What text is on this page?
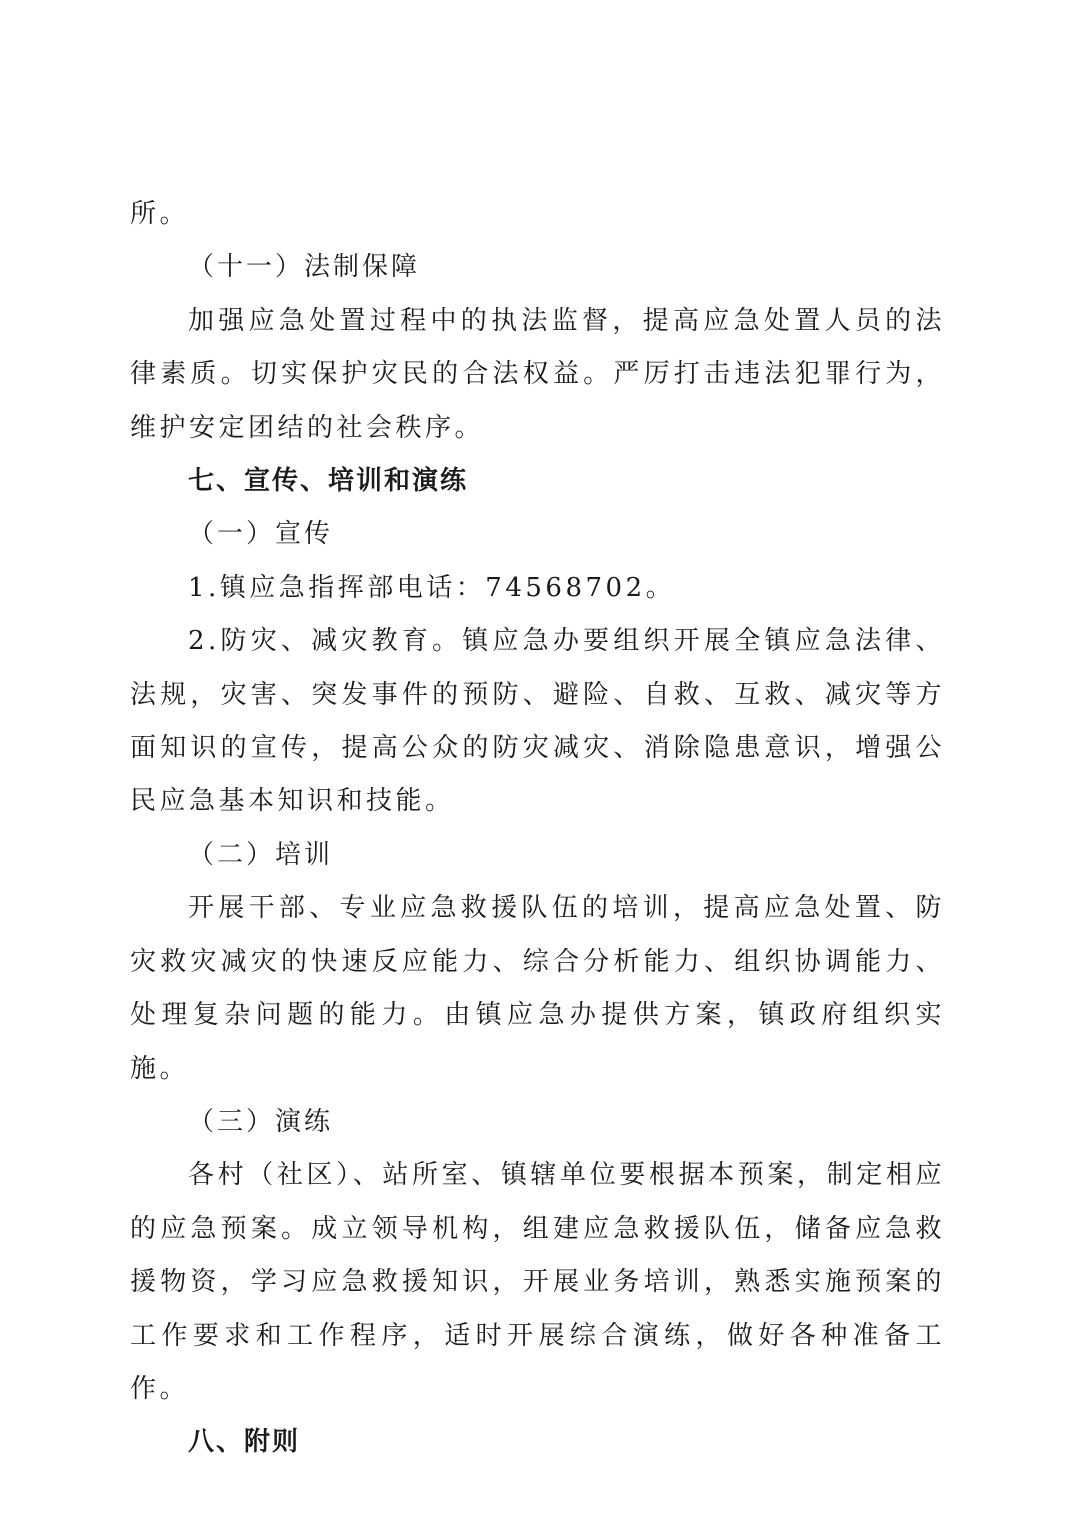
所。

（十一）法制保障

加强应急处置过程中的执法监督，提高应急处置人员的法律素质。切实保护灾民的合法权益。严厉打击违法犯罪行为，维护安定团结的社会秩序。

七、宣传、培训和演练

（一）宣传

1.镇应急指挥部电话：74568702。

2.防灾、减灾教育。镇应急办要组织开展全镇应急法律、法规，灾害、突发事件的预防、避险、自救、互救、减灾等方面知识的宣传，提高公众的防灾减灾、消除隐患意识，增强公民应急基本知识和技能。

（二）培训

开展干部、专业应急救援队伍的培训，提高应急处置、防灾救灾减灾的快速反应能力、综合分析能力、组织协调能力、处理复杂问题的能力。由镇应急办提供方案，镇政府组织实施。

（三）演练

各村（社区）、站所室、镇辖单位要根据本预案，制定相应的应急预案。成立领导机构，组建应急救援队伍，储备应急救援物资，学习应急救援知识，开展业务培训，熟悉实施预案的工作要求和工作程序，适时开展综合演练，做好各种准备工作。

八、附则
